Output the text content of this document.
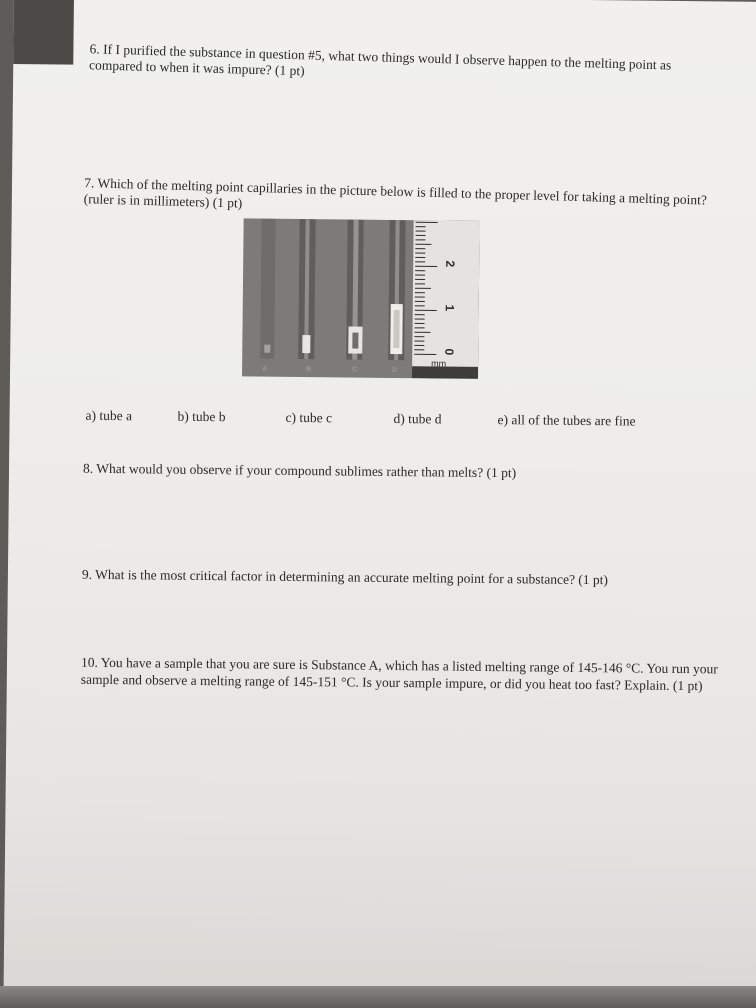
6. If I purified the substance in question #5, what two things would I observe happen to the melting point as compared to when it was impure? (1 pt)

7. Which of the melting point capillaries in the picture below is filled to the proper level for taking a melting point? (ruler is in millimeters) (1 pt)

0
1
2
mm
A	B	C	D
a) tube a	b) tube b	c) tube c	d) tube d	e) all of the tubes are fine

8. What would you observe if your compound sublimes rather than melts? (1 pt)

9. What is the most critical factor in determining an accurate melting point for a substance? (1 pt)

10. You have a sample that you are sure is Substance A, which has a listed melting range of 145-146 °C. You run your sample and observe a melting range of 145-151 °C. Is your sample impure, or did you heat too fast? Explain. (1 pt)
